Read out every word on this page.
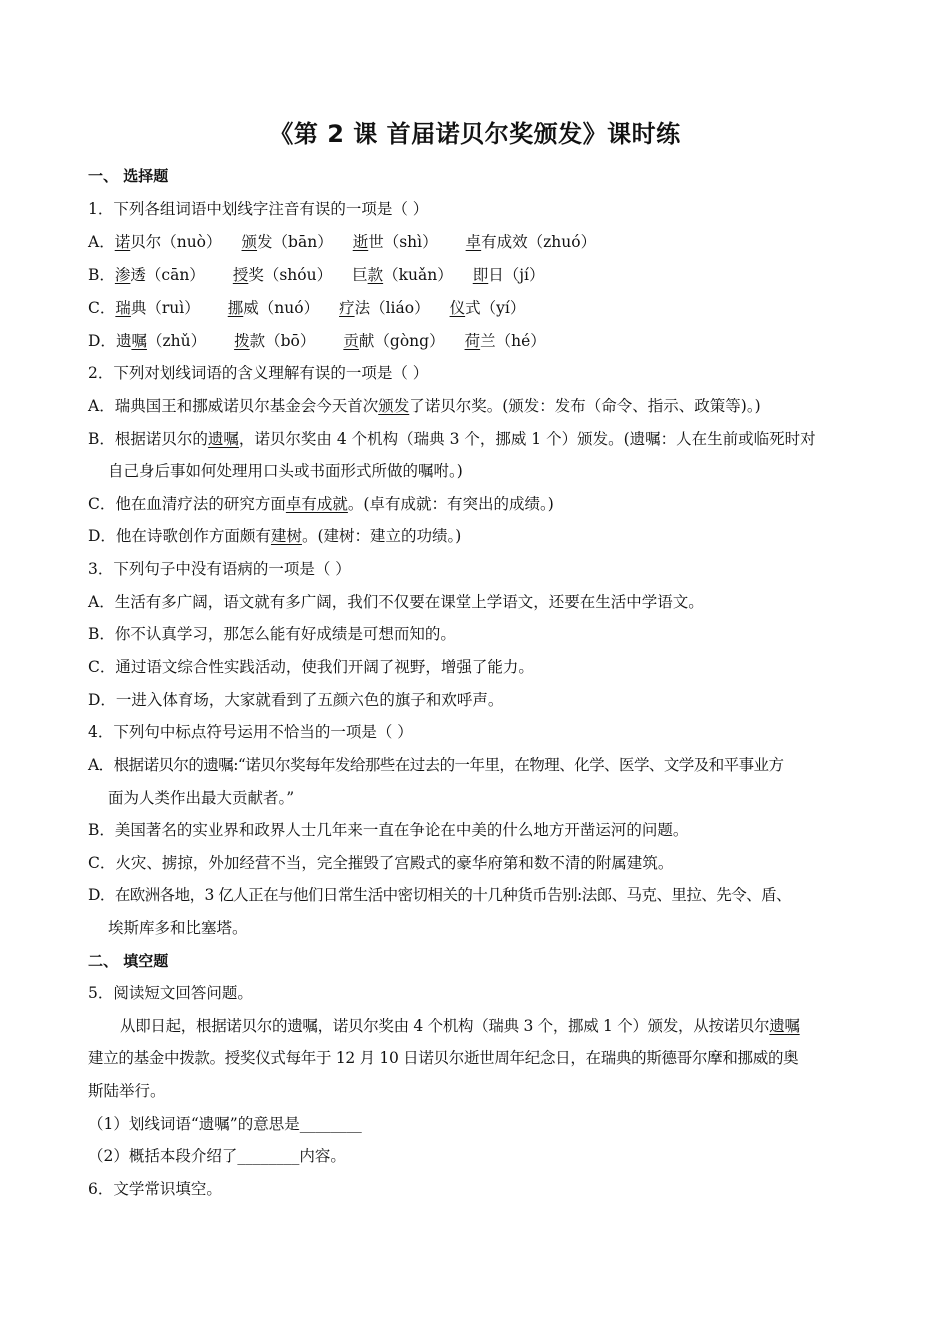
《第 2 课 首届诺贝尔奖颁发》课时练
一、 选择题
1．下列各组词语中划线字注音有误的一项是（ ）
A．诺贝尔（nuò） 颁发（bān） 逝世（shì） 卓有成效（zhuó）
B．渗透（cān） 授奖（shóu） 巨款（kuǎn） 即日（jí）
C．瑞典（ruì） 挪威（nuó） 疗法（liáo） 仪式（yí）
D．遗嘱（zhǔ） 拨款（bō） 贡献（gòng） 荷兰（hé）
2．下列对划线词语的含义理解有误的一项是（ ）
A．瑞典国王和挪威诺贝尔基金会今天首次颁发了诺贝尔奖。(颁发：发布（命令、指示、政策等)。)
B．根据诺贝尔的遗嘱，诺贝尔奖由 4 个机构（瑞典 3 个，挪威 1 个）颁发。(遗嘱：人在生前或临死时对
自己身后事如何处理用口头或书面形式所做的嘱咐。)
C．他在血清疗法的研究方面卓有成就。(卓有成就：有突出的成绩。)
D．他在诗歌创作方面颇有建树。(建树：建立的功绩。)
3．下列句子中没有语病的一项是（ ）
A．生活有多广阔，语文就有多广阔，我们不仅要在课堂上学语文，还要在生活中学语文。
B．你不认真学习，那怎么能有好成绩是可想而知的。
C．通过语文综合性实践活动，使我们开阔了视野，增强了能力。
D．一进入体育场，大家就看到了五颜六色的旗子和欢呼声。
4．下列句中标点符号运用不恰当的一项是（ ）
A．根据诺贝尔的遗嘱:“诺贝尔奖每年发给那些在过去的一年里，在物理、化学、医学、文学及和平事业方
面为人类作出最大贡献者。”
B．美国著名的实业界和政界人士几年来一直在争论在中美的什么地方开凿运河的问题。
C．火灾、掳掠，外加经营不当，完全摧毁了宫殿式的豪华府第和数不清的附属建筑。
D．在欧洲各地，3 亿人正在与他们日常生活中密切相关的十几种货币告别:法郎、马克、里拉、先令、盾、
埃斯库多和比塞塔。
二、 填空题
5．阅读短文回答问题。
从即日起，根据诺贝尔的遗嘱，诺贝尔奖由 4 个机构（瑞典 3 个，挪威 1 个）颁发，从按诺贝尔遗嘱
建立的基金中拨款。授奖仪式每年于 12 月 10 日诺贝尔逝世周年纪念日，在瑞典的斯德哥尔摩和挪威的奥
斯陆举行。
（1）划线词语“遗嘱”的意思是________
（2）概括本段介绍了________内容。
6．文学常识填空。
